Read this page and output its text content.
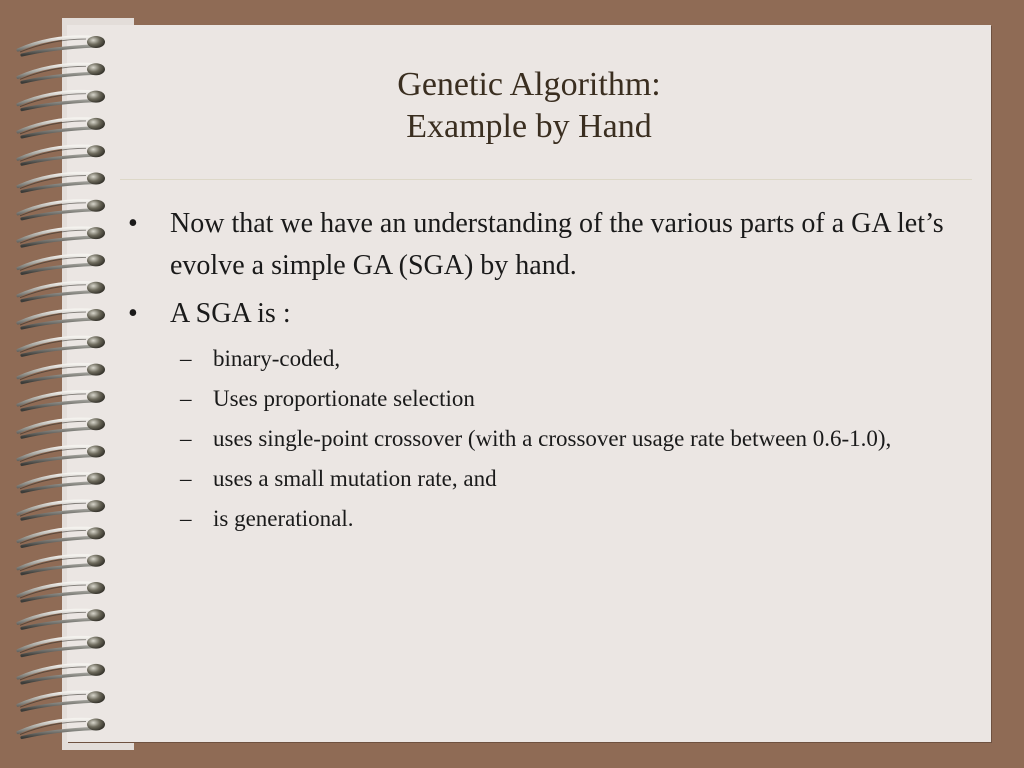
Genetic Algorithm:
Example by Hand
• Now that we have an understanding of the various parts of a GA let’s evolve a simple GA (SGA) by hand.
• A SGA is :
– binary-coded,
– Uses proportionate selection
– uses single-point crossover (with a crossover usage rate between 0.6-1.0),
– uses a small mutation rate, and
– is generational.
